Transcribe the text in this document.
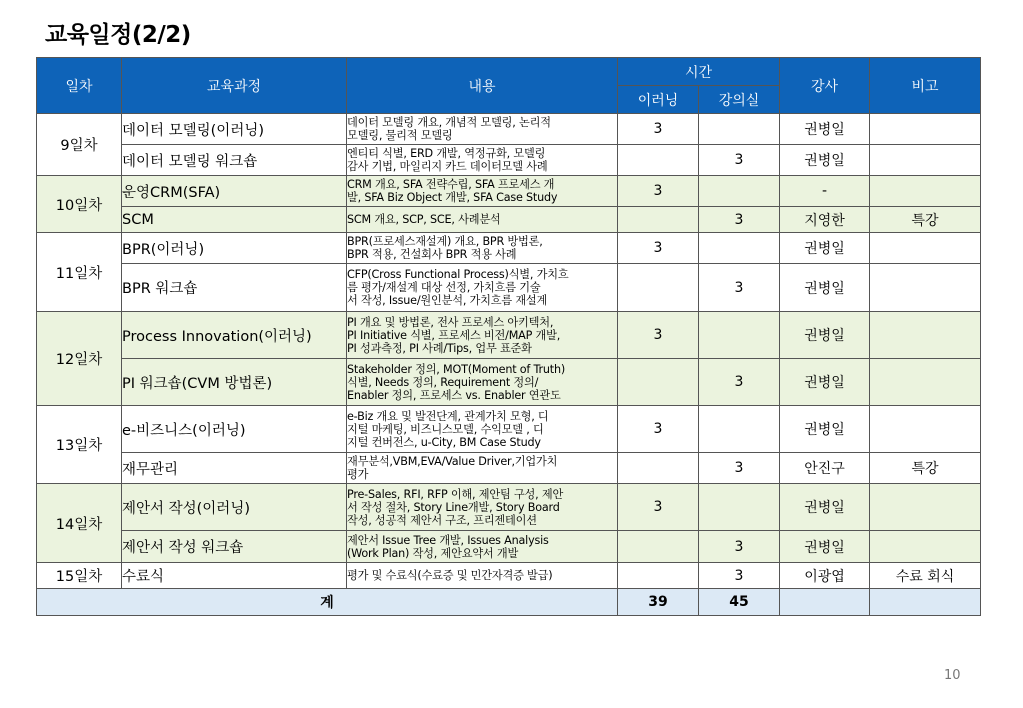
교육일정(2/2)
일차	교육과정	내용	시간		강사	비고
			이러닝	강의실		
9일차	데이터 모델링(이러닝)	데이터 모델링 개요, 개념적 모델링, 논리적
모델링, 물리적 모델링	3		권병일	
	데이터 모델링 워크숍	엔티티 식별, ERD 개발, 역정규화, 모델링
감사 기법, 마일리지 카드 데이터모델 사례		3	권병일	
10일차	운영CRM(SFA)	CRM 개요, SFA 전략수립, SFA 프로세스 개
발, SFA Biz Object 개발, SFA Case Study	3		-	
	SCM	SCM 개요, SCP, SCE, 사례분석		3	지영한	특강
11일차	BPR(이러닝)	BPR(프로세스재설계) 개요, BPR 방법론,
BPR 적용, 건설회사 BPR 적용 사례	3		권병일	
	BPR 워크숍	CFP(Cross Functional Process)식별, 가치흐
름 평가/재설계 대상 선정, 가치흐름 기술
서 작성, Issue/원인분석, 가치흐름 재설계		3	권병일	
12일차	Process Innovation(이러닝)	PI 개요 및 방법론, 전사 프로세스 아키텍처,
PI Initiative 식별, 프로세스 비전/MAP 개발,
PI 성과측정, PI 사례/Tips, 업무 표준화	3		권병일	
	PI 워크숍(CVM 방법론)	Stakeholder 정의, MOT(Moment of Truth)
식별, Needs 정의, Requirement 정의/
Enabler 정의, 프로세스 vs. Enabler 연관도		3	권병일	
13일차	e-비즈니스(이러닝)	e-Biz 개요 및 발전단계, 관계가치 모형, 디
지털 마케팅, 비즈니스모델, 수익모델 , 디
지털 컨버전스, u-City, BM Case Study	3		권병일	
	재무관리	재무분석,VBM,EVA/Value Driver,기업가치
평가		3	안진구	특강
14일차	제안서 작성(이러닝)	Pre-Sales, RFI, RFP 이해, 제안팀 구성, 제안
서 작성 절차, Story Line개발, Story Board
작성, 성공적 제안서 구조, 프리젠테이션	3		권병일	
	제안서 작성 워크숍	제안서 Issue Tree 개발, Issues Analysis
(Work Plan) 작성, 제안요약서 개발		3	권병일	
15일차	수료식	평가 및 수료식(수료증 및 민간자격증 발급)		3	이광엽	수료 회식
계			39	45		
10
